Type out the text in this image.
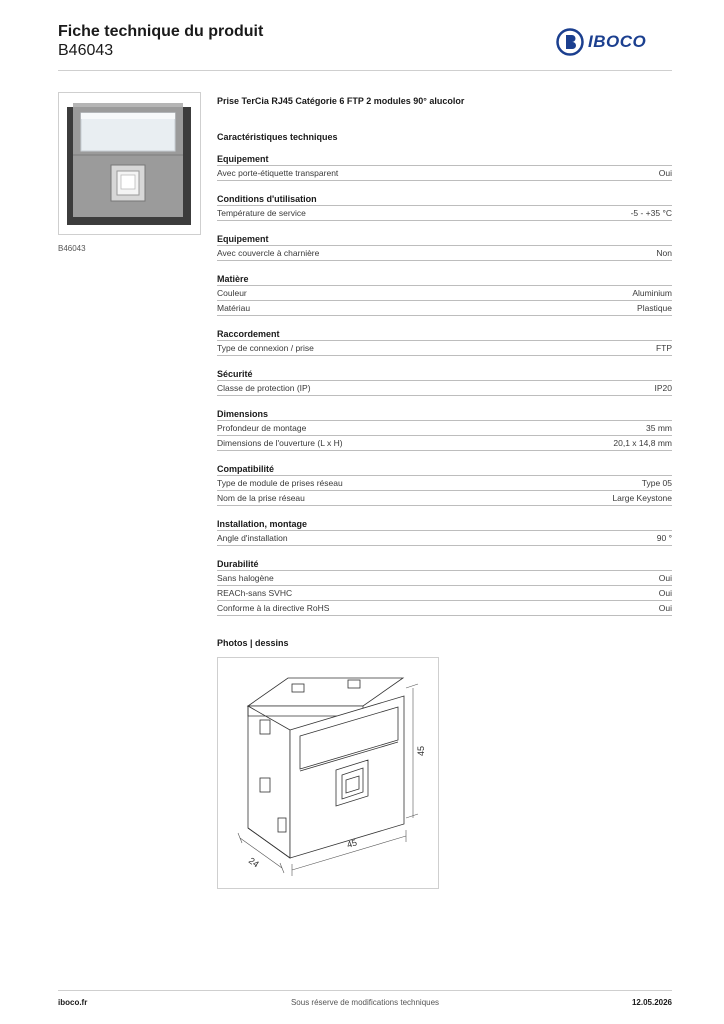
Fiche technique du produit
B46043	IBOCO
B46043
Prise TerCia RJ45 Catégorie 6 FTP 2 modules 90° alucolor
Caractéristiques techniques
Equipement
Avec porte-étiquette transparent	Oui
Conditions d'utilisation
Température de service	-5 - +35 °C
Equipement
Avec couvercle à charnière	Non
Matière
Couleur	Aluminium
Matériau	Plastique
Raccordement
Type de connexion / prise	FTP
Sécurité
Classe de protection (IP)	IP20
Dimensions
Profondeur de montage	35 mm
Dimensions de l'ouverture (L x H)	20,1 x 14,8 mm
Compatibilité
Type de module de prises réseau	Type 05
Nom de la prise réseau	Large Keystone
Installation, montage
Angle d'installation	90 °
Durabilité
Sans halogène	Oui
REACh-sans SVHC	Oui
Conforme à la directive RoHS	Oui
Photos | dessins
45
45
24
iboco.fr	Sous réserve de modifications techniques	12.05.2026
